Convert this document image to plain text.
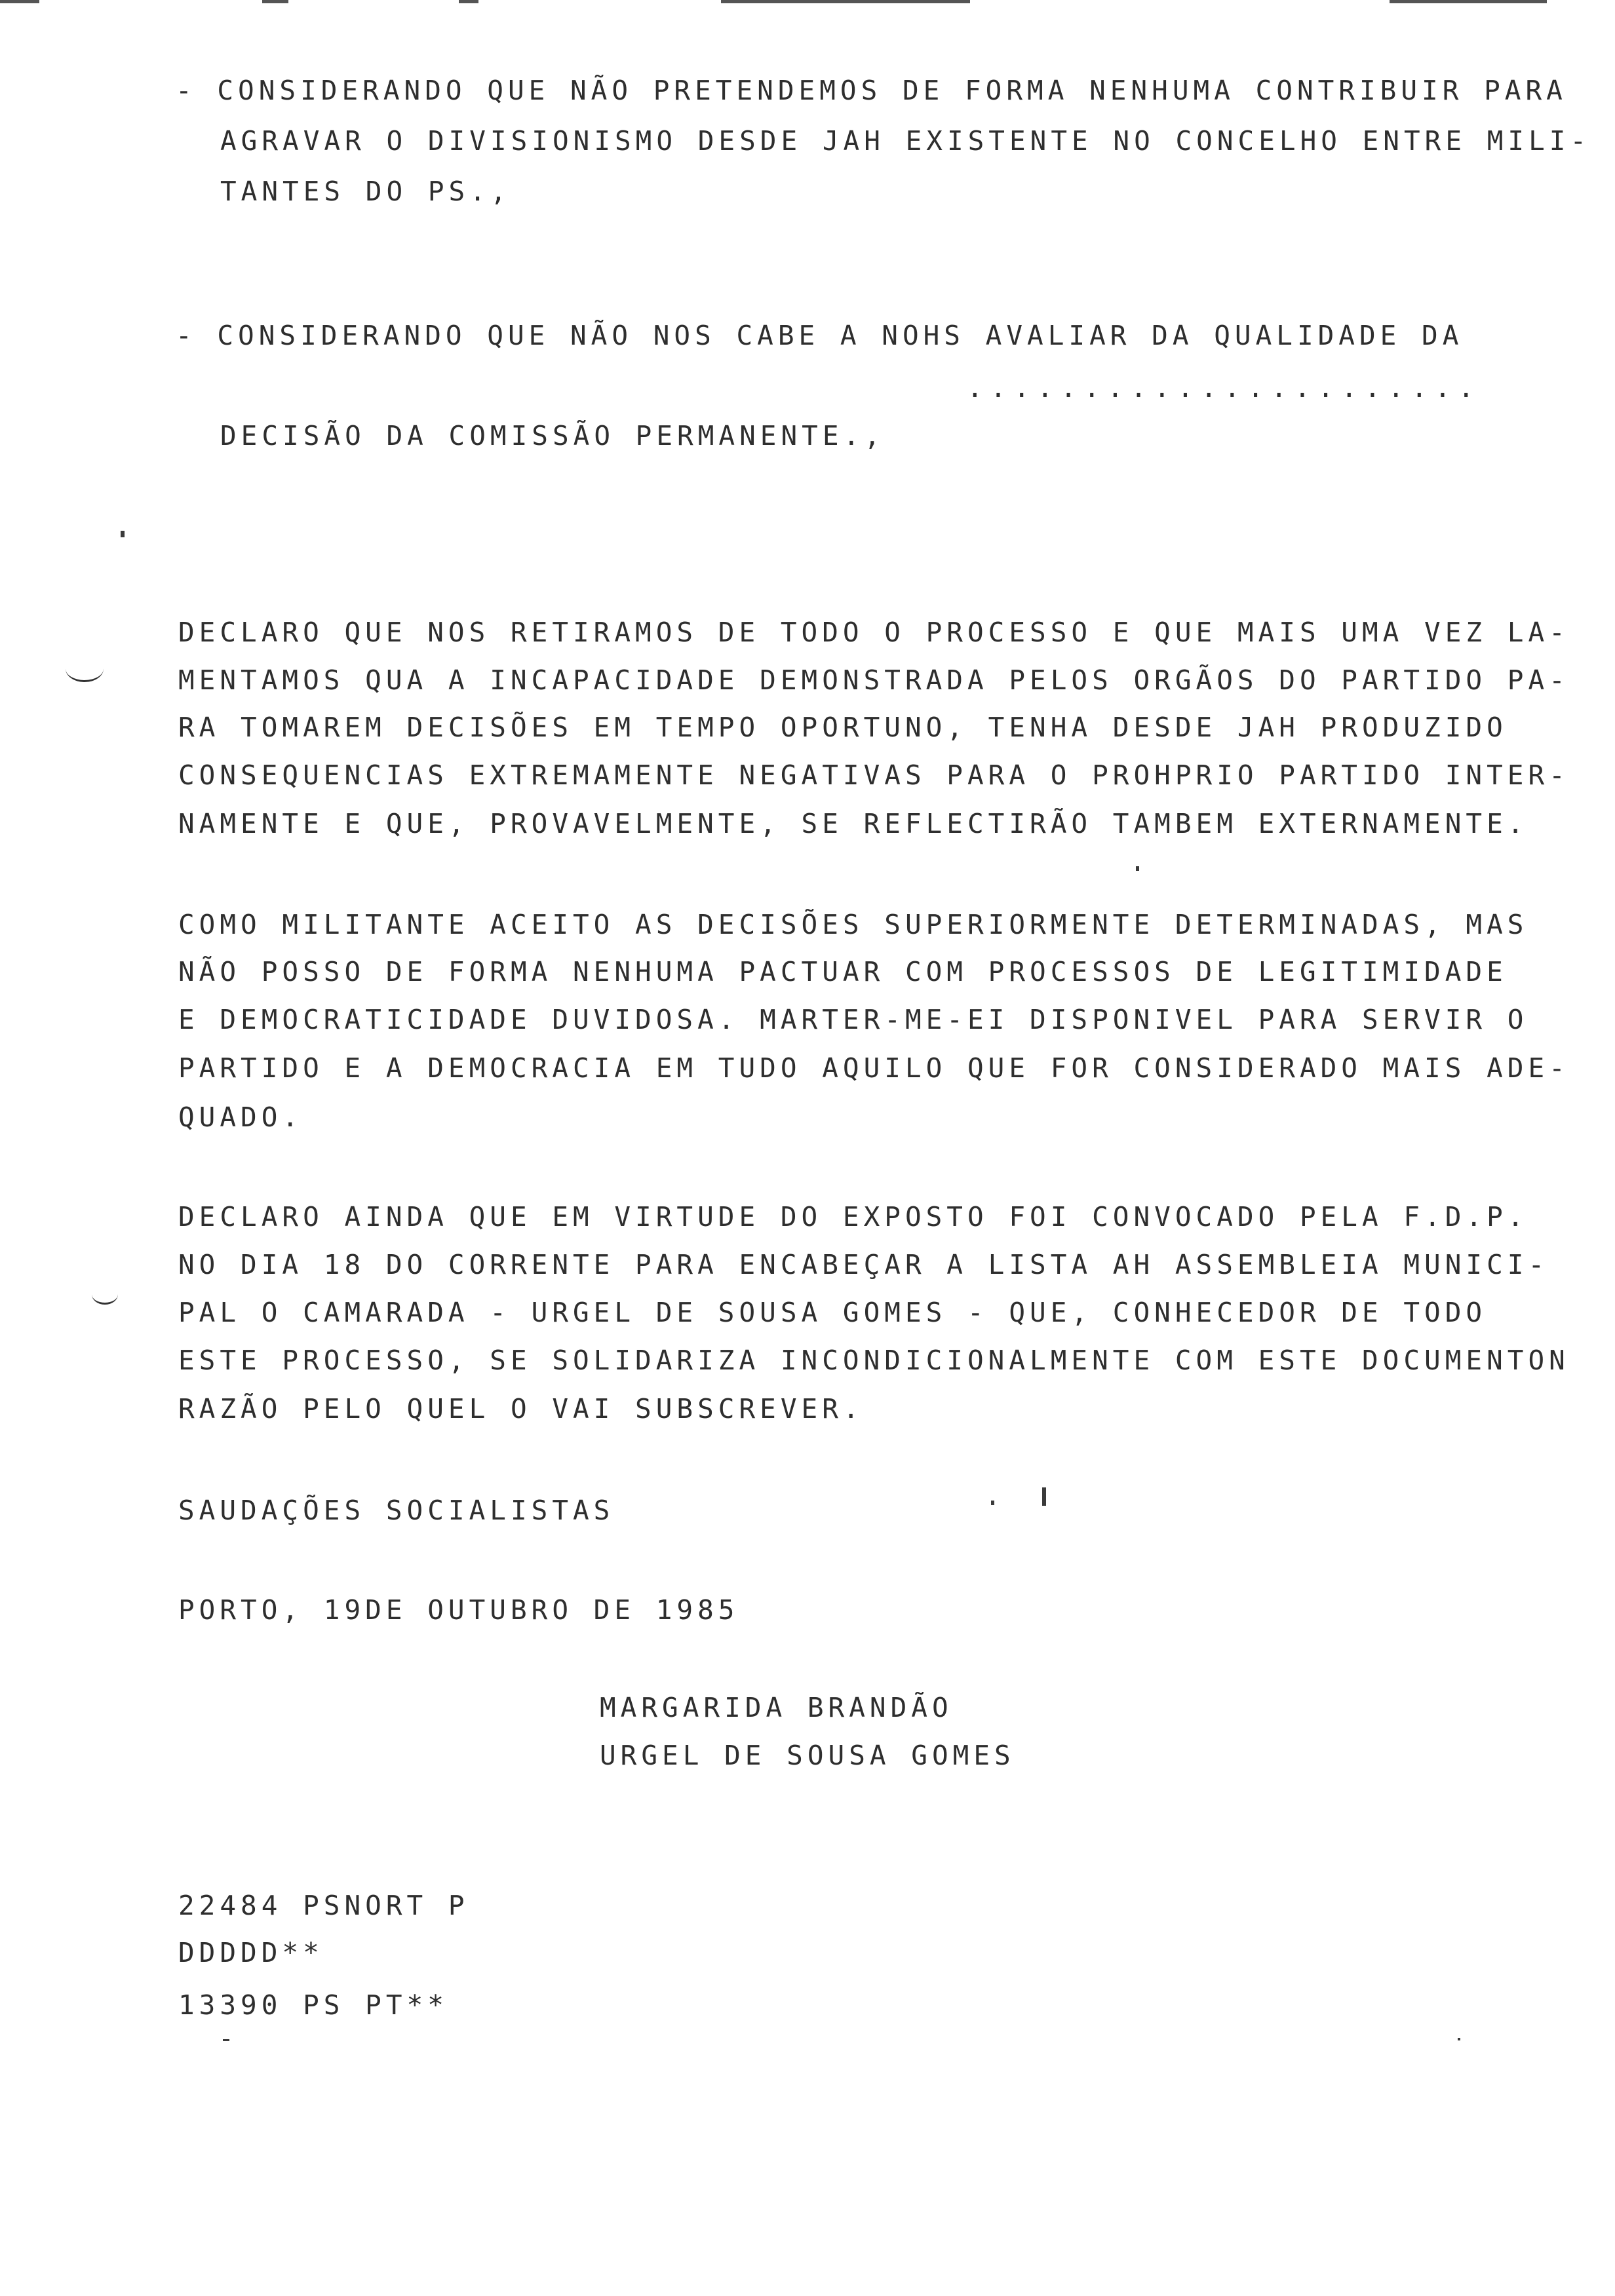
- CONSIDERANDO QUE NÃO PRETENDEMOS DE FORMA NENHUMA CONTRIBUIR PARA
AGRAVAR O DIVISIONISMO DESDE JAH EXISTENTE NO CONCELHO ENTRE MILI-
TANTES DO PS.,
- CONSIDERANDO QUE NÃO NOS CABE A NOHS AVALIAR DA QUALIDADE DA
......................
DECISÃO DA COMISSÃO PERMANENTE.,
DECLARO QUE NOS RETIRAMOS DE TODO O PROCESSO E QUE MAIS UMA VEZ LA-
MENTAMOS QUA A INCAPACIDADE DEMONSTRADA PELOS ORGÃOS DO PARTIDO PA-
RA TOMAREM DECISÕES EM TEMPO OPORTUNO, TENHA DESDE JAH PRODUZIDO
CONSEQUENCIAS EXTREMAMENTE NEGATIVAS PARA O PROHPRIO PARTIDO INTER-
NAMENTE E QUE, PROVAVELMENTE, SE REFLECTIRÃO TAMBEM EXTERNAMENTE.
COMO MILITANTE ACEITO AS DECISÕES SUPERIORMENTE DETERMINADAS, MAS
NÃO POSSO DE FORMA NENHUMA PACTUAR COM PROCESSOS DE LEGITIMIDADE
E DEMOCRATICIDADE DUVIDOSA. MARTER-ME-EI DISPONIVEL PARA SERVIR O
PARTIDO E A DEMOCRACIA EM TUDO AQUILO QUE FOR CONSIDERADO MAIS ADE-
QUADO.
DECLARO AINDA QUE EM VIRTUDE DO EXPOSTO FOI CONVOCADO PELA F.D.P.
NO DIA 18 DO CORRENTE PARA ENCABEÇAR A LISTA AH ASSEMBLEIA MUNICI-
PAL O CAMARADA - URGEL DE SOUSA GOMES - QUE, CONHECEDOR DE TODO
ESTE PROCESSO, SE SOLIDARIZA INCONDICIONALMENTE COM ESTE DOCUMENTON
RAZÃO PELO QUEL O VAI SUBSCREVER.
SAUDAÇÕES SOCIALISTAS
PORTO, 19DE OUTUBRO DE 1985
MARGARIDA BRANDÃO
URGEL DE SOUSA GOMES
22484 PSNORT P
DDDDD**
13390 PS PT**
